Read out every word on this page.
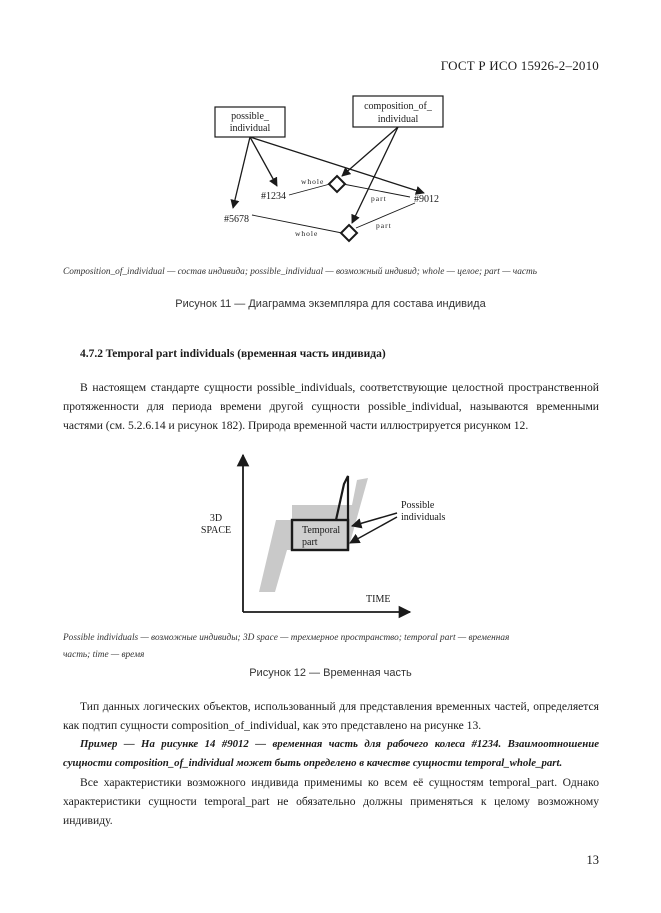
ГОСТ Р ИСО 15926-2–2010
possible_
individual
composition_of_
individual
#1234
#5678
#9012
whole
whole
part
part
Composition_of_individual — состав индивида; possible_individual — возможный индивид; whole — целое; part — часть
Рисунок 11 — Диаграмма экземпляра для состава индивида
4.7.2 Temporal part individuals (временная часть индивида)

В настоящем стандарте сущности possible_individuals, соответствующие целостной пространственной протяженности для периода времени другой сущности possible_individual, называются временными частями (см. 5.2.6.14 и рисунок 182). Природа временной части иллюстрируется рисунком 12.

3D
SPACE
TIME
Temporal
part
Possible
individuals
Possible individuals — возможные индивиды; 3D space — трехмерное пространство; temporal part — временная
часть; time — время
Рисунок 12 — Временная часть

Тип данных логических объектов, использованный для представления временных частей, определяется как подтип сущности composition_of_individual, как это представлено на рисунке 13.

Пример — На рисунке 14 #9012 — временная часть для рабочего колеса #1234. Взаимоотношение сущности composition_of_individual может быть определено в качестве сущности temporal_whole_part.

Все характеристики возможного индивида применимы ко всем её сущностям temporal_part. Однако характеристики сущности temporal_part не обязательно должны применяться к целому возможному индивиду.

13
